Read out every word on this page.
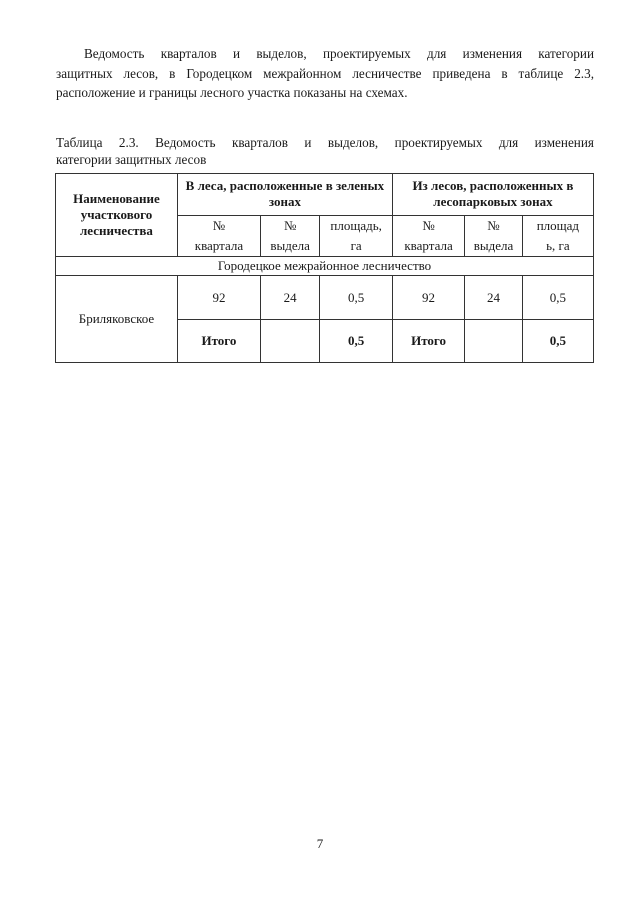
Ведомость кварталов и выделов, проектируемых для изменения категории
защитных лесов, в Городецком межрайонном лесничестве приведена в таблице 2.3,
расположение и границы лесного участка показаны на схемах.
Таблица 2.3. Ведомость кварталов и выделов, проектируемых для изменения
категории защитных лесов
Наименование участкового лесничества	В леса, расположенные в зеленых зонах			Из лесов, расположенных в лесопарковых зонах		
	№	№	площадь,	№	№	площад
	квартала	выдела	га	квартала	выдела	ь, га
Городецкое межрайонное лесничество						
Бриляковское	92	24	0,5	92	24	0,5
	Итого		0,5	Итого		0,5
7
